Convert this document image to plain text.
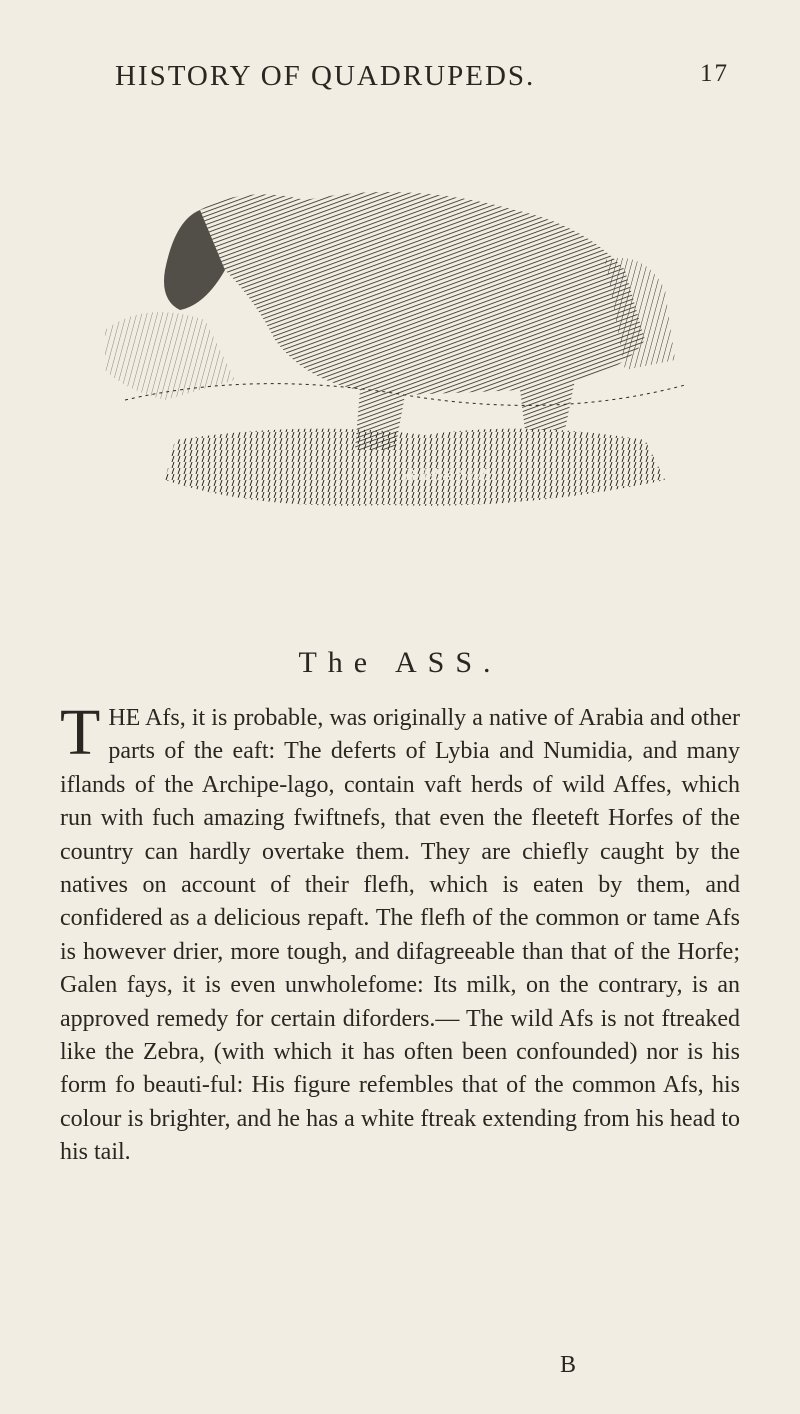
HISTORY OF QUADRUPEDS.	17
B del & Sculp
The ASS.

THE Afs, it is probable, was originally a native of Arabia and other parts of the eaft: The deferts of Lybia and Numidia, and many iflands of the Archipe-lago, contain vaft herds of wild Affes, which run with fuch amazing fwiftnefs, that even the fleeteft Horfes of the country can hardly overtake them. They are chiefly caught by the natives on account of their flefh, which is eaten by them, and confidered as a delicious repaft. The flefh of the common or tame Afs is however drier, more tough, and difagreeable than that of the Horfe; Galen fays, it is even unwholefome: Its milk, on the contrary, is an approved remedy for certain diforders.— The wild Afs is not ftreaked like the Zebra, (with which it has often been confounded) nor is his form fo beauti-ful: His figure refembles that of the common Afs, his colour is brighter, and he has a white ftreak extending from his head to his tail.

B
